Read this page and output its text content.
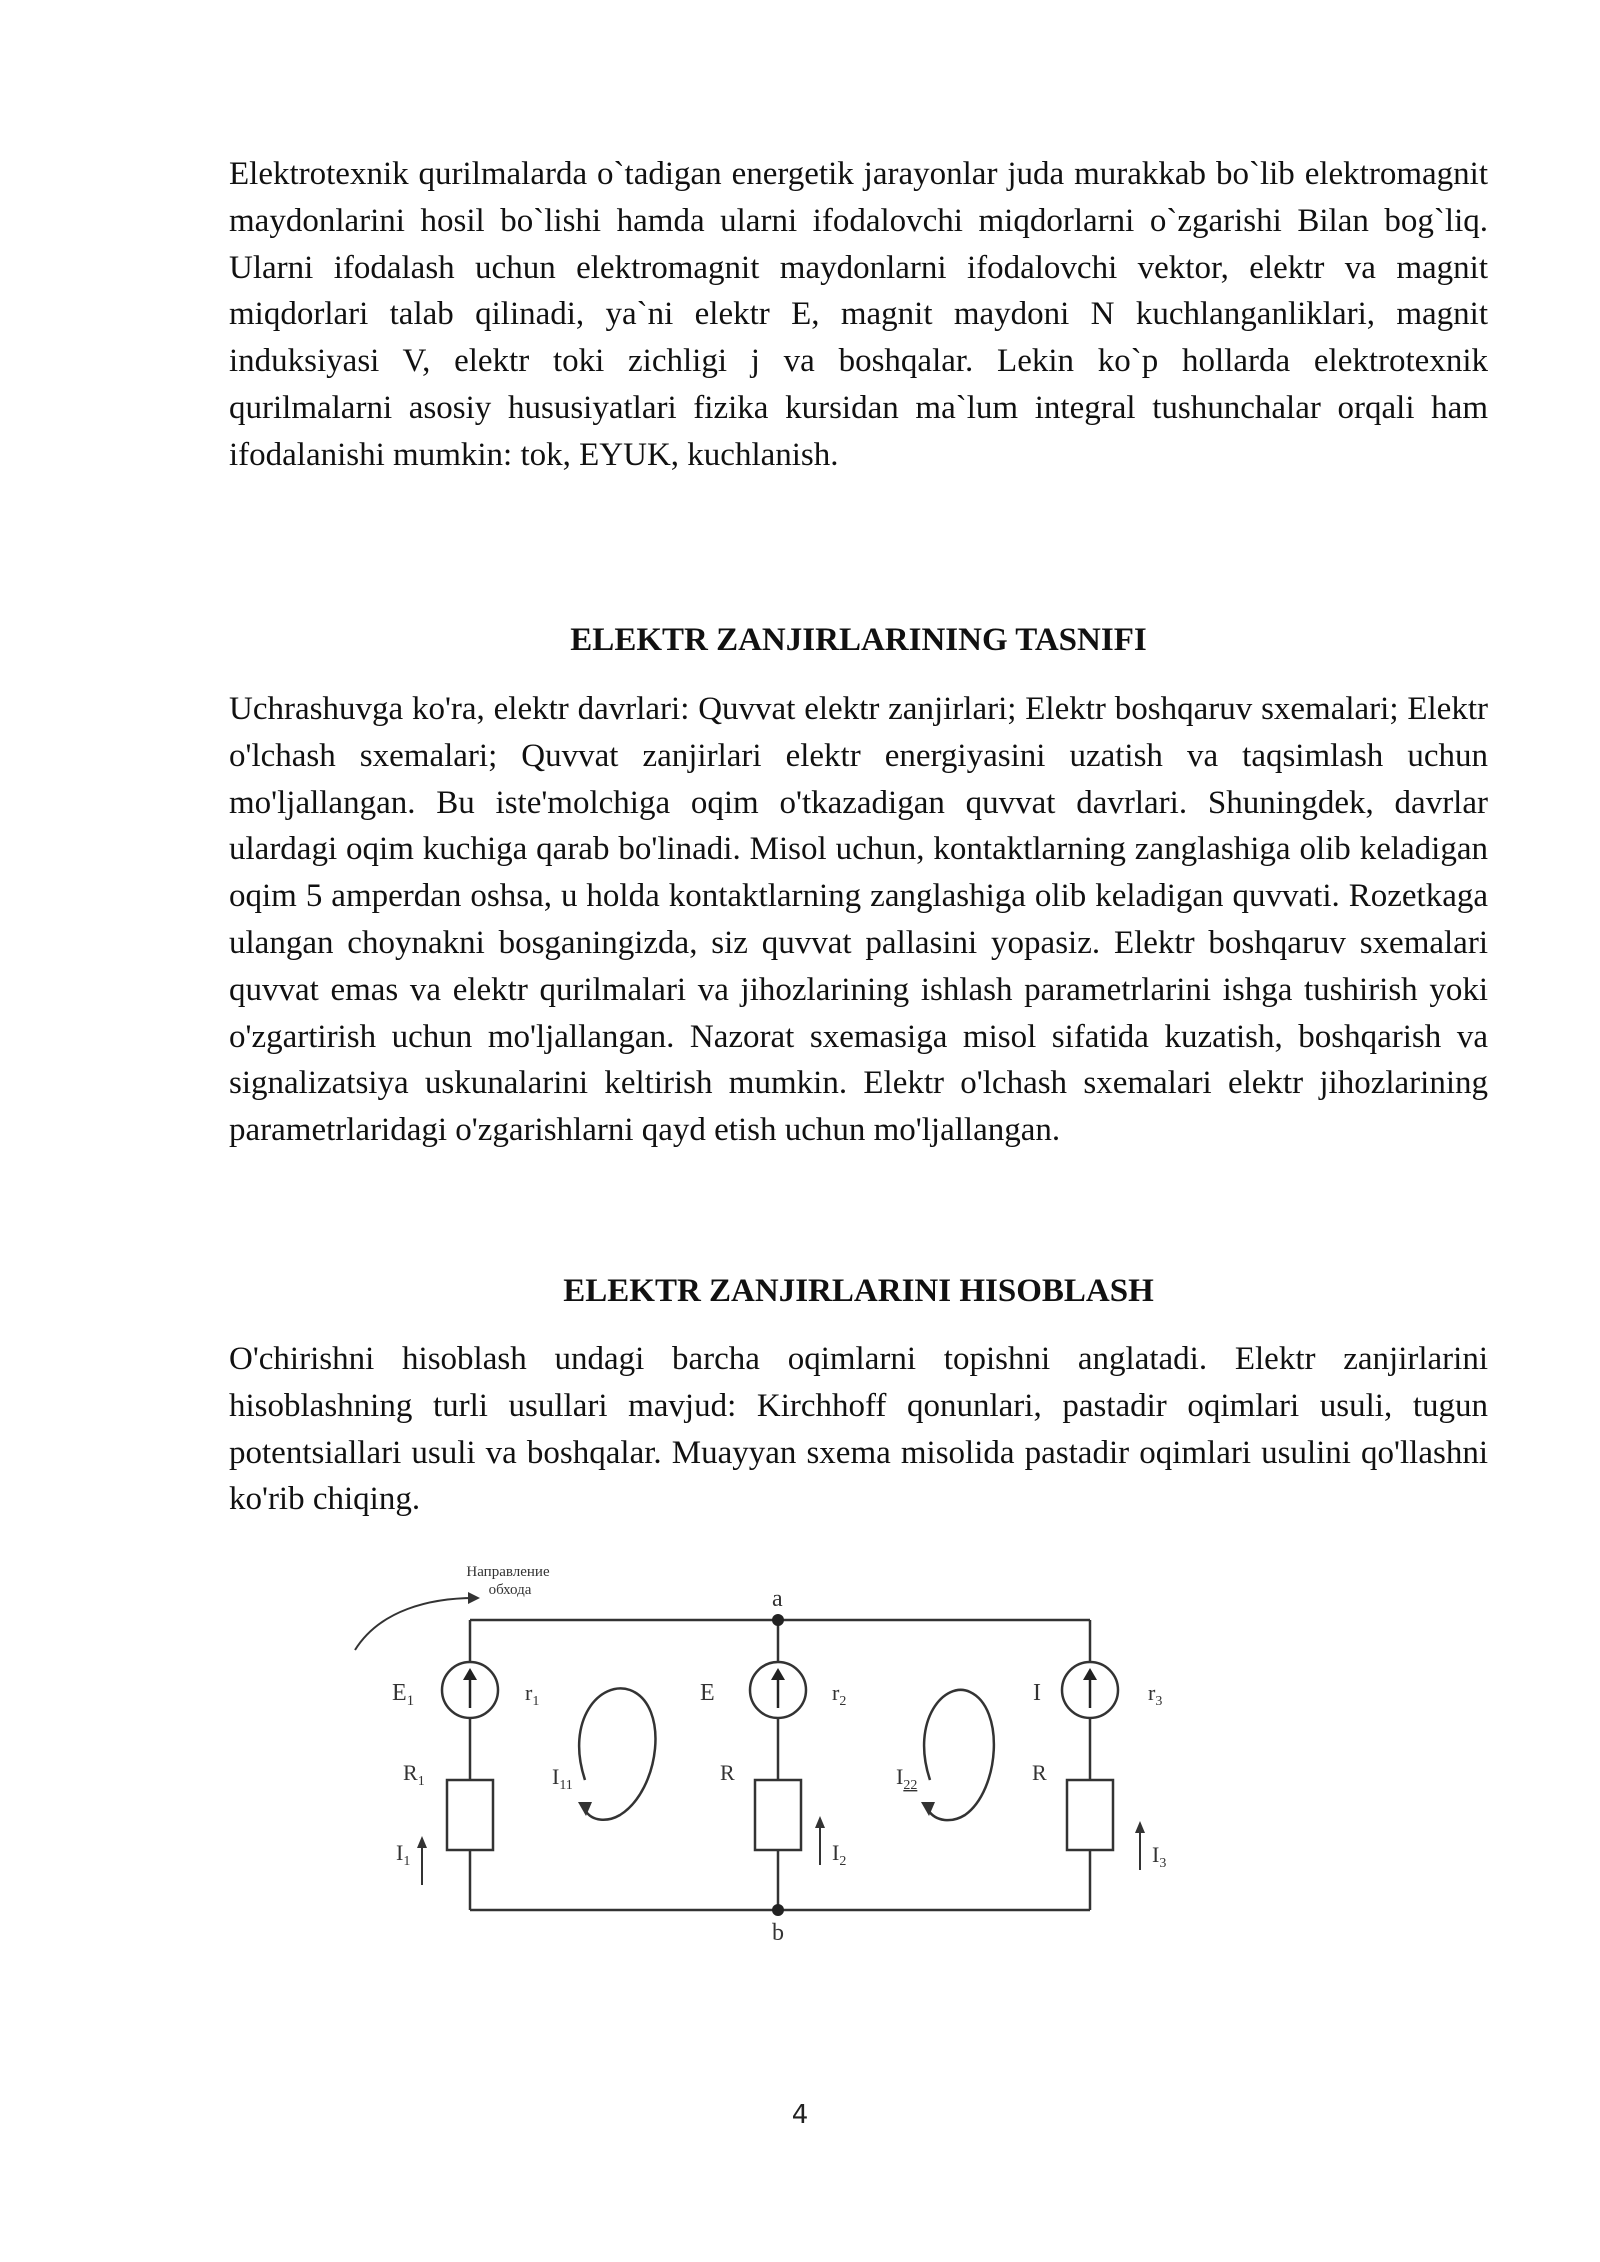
Elektrotexnik qurilmalarda o`tadigan energetik jarayonlar juda murakkab bo`lib elektromagnit maydonlarini hosil bo`lishi hamda ularni ifodalovchi miqdorlarni o`zgarishi Bilan bog`liq. Ularni ifodalash uchun elektromagnit maydonlarni ifodalovchi vektor, elektr va magnit miqdorlari talab qilinadi, ya`ni elektr E, magnit maydoni N kuchlanganliklari, magnit induksiyasi V, elektr toki zichligi j va boshqalar. Lekin ko`p hollarda elektrotexnik qurilmalarni asosiy hususiyatlari fizika kursidan ma`lum integral tushunchalar orqali ham ifodalanishi mumkin: tok, EYUK, kuchlanish.
ELEKTR ZANJIRLARINING TASNIFI
Uchrashuvga ko'ra, elektr davrlari: Quvvat elektr zanjirlari; Elektr boshqaruv sxemalari; Elektr o'lchash sxemalari; Quvvat zanjirlari elektr energiyasini uzatish va taqsimlash uchun mo'ljallangan. Bu iste'molchiga oqim o'tkazadigan quvvat davrlari. Shuningdek, davrlar ulardagi oqim kuchiga qarab bo'linadi. Misol uchun, kontaktlarning zanglashiga olib keladigan oqim 5 amperdan oshsa, u holda kontaktlarning zanglashiga olib keladigan quvvati. Rozetkaga ulangan choynakni bosganingizda, siz quvvat pallasini yopasiz. Elektr boshqaruv sxemalari quvvat emas va elektr qurilmalari va jihozlarining ishlash parametrlarini ishga tushirish yoki o'zgartirish uchun mo'ljallangan. Nazorat sxemasiga misol sifatida kuzatish, boshqarish va signalizatsiya uskunalarini keltirish mumkin. Elektr o'lchash sxemalari elektr jihozlarining parametrlaridagi o'zgarishlarni qayd etish uchun mo'ljallangan.
ELEKTR ZANJIRLARINI HISOBLASH
O'chirishni hisoblash undagi barcha oqimlarni topishni anglatadi. Elektr zanjirlarini hisoblashning turli usullari mavjud: Kirchhoff qonunlari, pastadir oqimlari usuli, tugun potentsiallari usuli va boshqalar. Muayyan sxema misolida pastadir oqimlari usulini qo'llashni ko'rib chiqing.
Направление
обхода	a
b
$E_1$	E	I
$r_1$	$r_2$	$r_3$
$R_1$	R	R
$I_{11}$	$I_{22}$
$I_1$	$I_2$	$I_3$
4
